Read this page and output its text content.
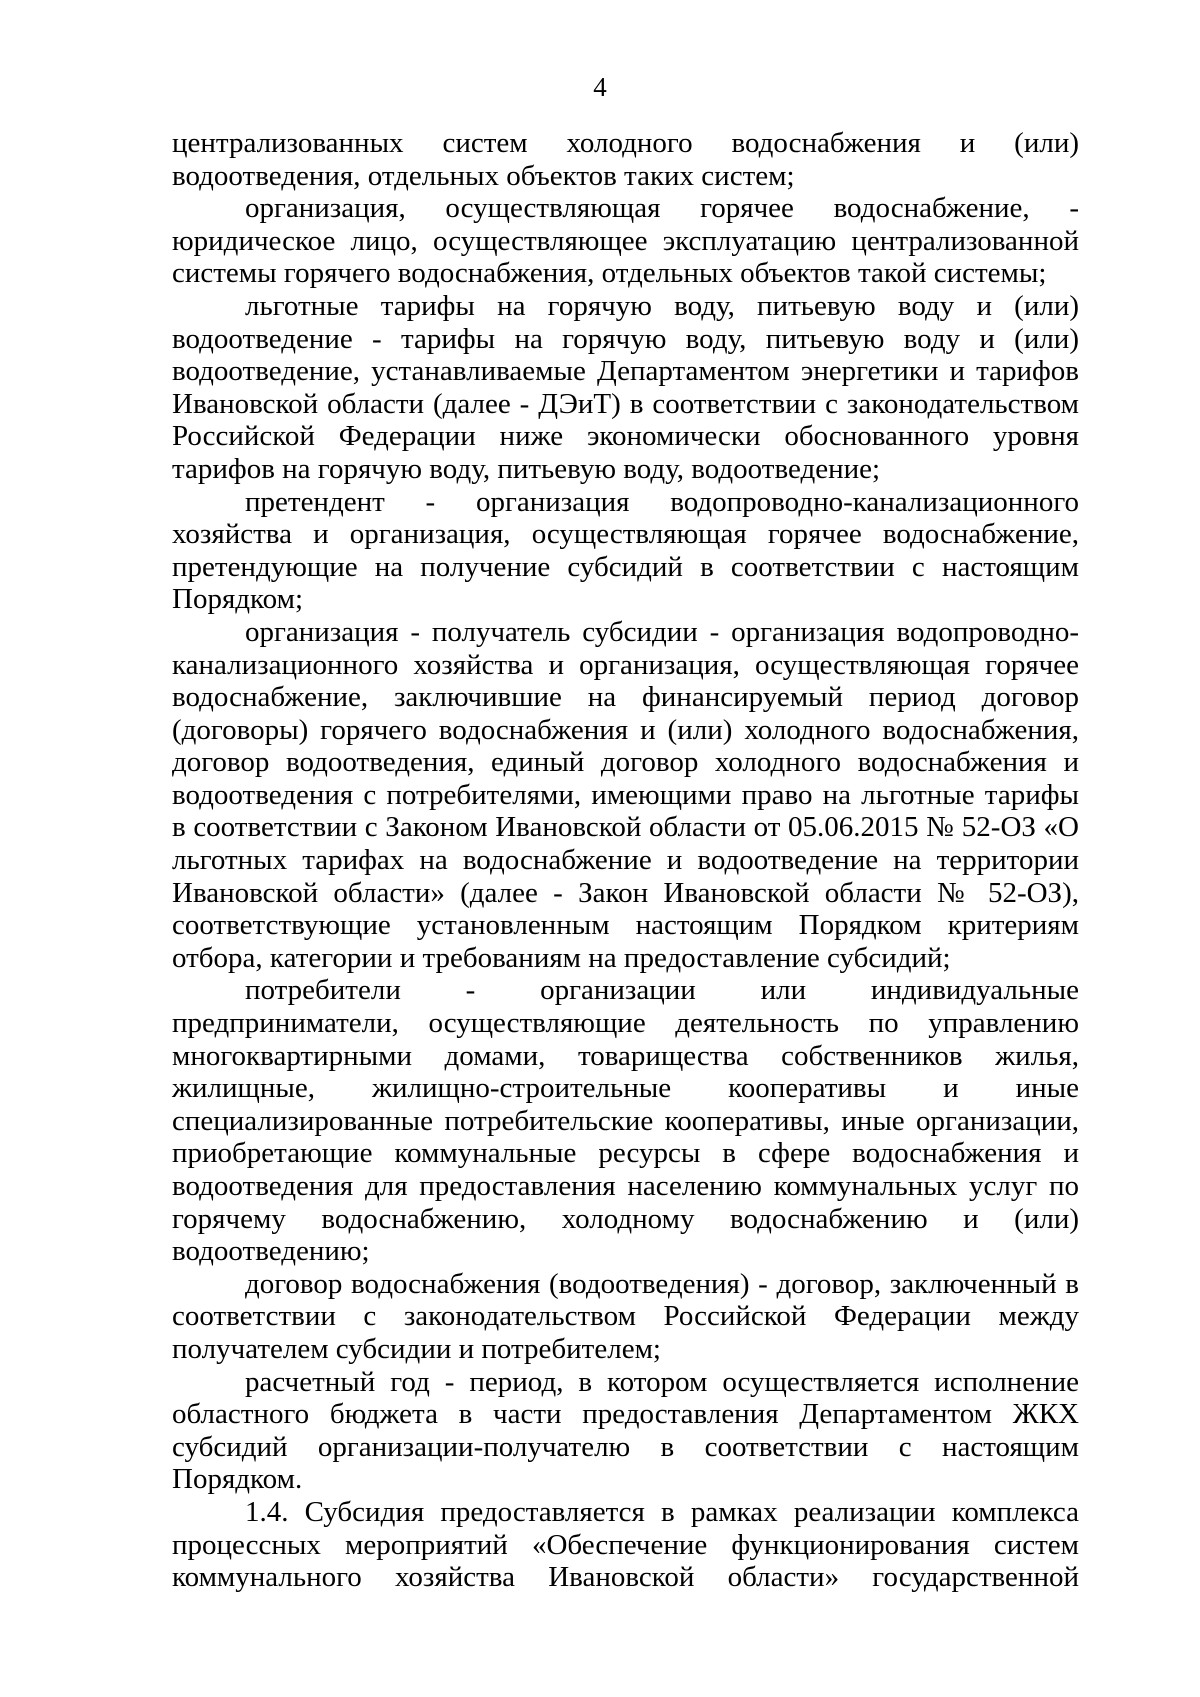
4

централизованных систем холодного водоснабжения и (или) водоотведения, отдельных объектов таких систем;

организация, осуществляющая горячее водоснабжение, - юридическое лицо, осуществляющее эксплуатацию централизованной системы горячего водоснабжения, отдельных объектов такой системы;

льготные тарифы на горячую воду, питьевую воду и (или) водоотведение - тарифы на горячую воду, питьевую воду и (или) водоотведение, устанавливаемые Департаментом энергетики и тарифов Ивановской области (далее - ДЭиТ) в соответствии с законодательством Российской Федерации ниже экономически обоснованного уровня тарифов на горячую воду, питьевую воду, водоотведение;

претендент - организация водопроводно-канализационного хозяйства и организация, осуществляющая горячее водоснабжение, претендующие на получение субсидий в соответствии с настоящим Порядком;

организация - получатель субсидии - организация водопроводно-канализационного хозяйства и организация, осуществляющая горячее водоснабжение, заключившие на финансируемый период договор (договоры) горячего водоснабжения и (или) холодного водоснабжения, договор водоотведения, единый договор холодного водоснабжения и водоотведения с потребителями, имеющими право на льготные тарифы в соответствии с Законом Ивановской области от 05.06.2015 № 52-ОЗ «О льготных тарифах на водоснабжение и водоотведение на территории Ивановской области» (далее - Закон Ивановской области № 52-ОЗ), соответствующие установленным настоящим Порядком критериям отбора, категории и требованиям на предоставление субсидий;

потребители - организации или индивидуальные предприниматели, осуществляющие деятельность по управлению многоквартирными домами, товарищества собственников жилья, жилищные, жилищно-строительные кооперативы и иные специализированные потребительские кооперативы, иные организации, приобретающие коммунальные ресурсы в сфере водоснабжения и водоотведения для предоставления населению коммунальных услуг по горячему водоснабжению, холодному водоснабжению и (или) водоотведению;

договор водоснабжения (водоотведения) - договор, заключенный в соответствии с законодательством Российской Федерации между получателем субсидии и потребителем;

расчетный год - период, в котором осуществляется исполнение областного бюджета в части предоставления Департаментом ЖКХ субсидий организации-получателю в соответствии с настоящим Порядком.

1.4. Субсидия предоставляется в рамках реализации комплекса процессных мероприятий «Обеспечение функционирования систем коммунального хозяйства Ивановской области» государственной
